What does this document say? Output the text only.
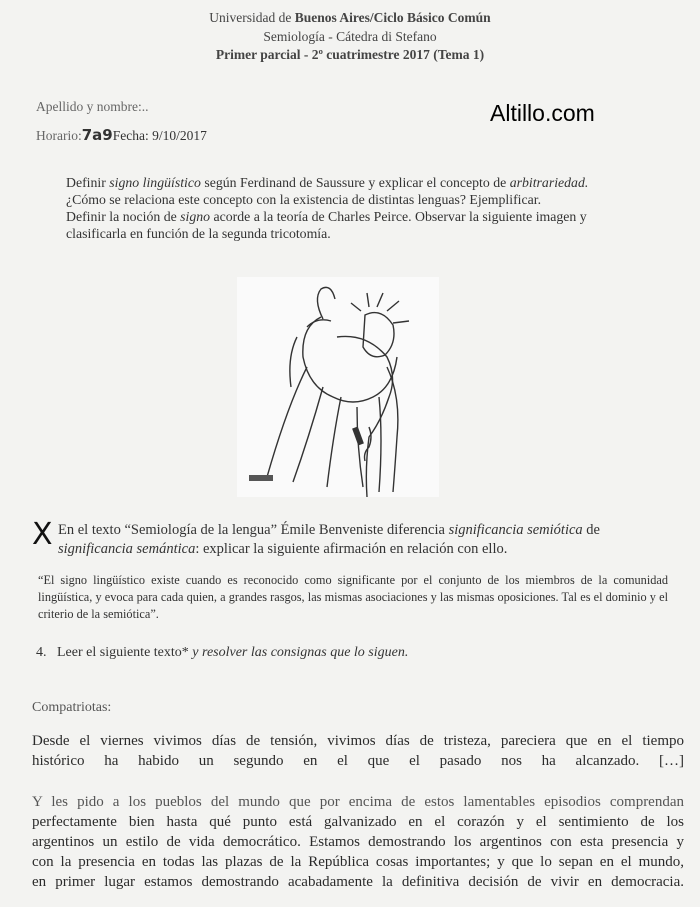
Universidad de Buenos Aires/Ciclo Básico Común
Semiología - Cátedra di Stefano
Primer parcial - 2º cuatrimestre 2017 (Tema 1)
Apellido y nombre:..
Horario:7a9Fecha: 9/10/2017
Altillo.com
Definir signo lingüístico según Ferdinand de Saussure y explicar el concepto de arbitrariedad.
¿Cómo se relaciona este concepto con la existencia de distintas lenguas? Ejemplificar.
Definir la noción de signo acorde a la teoría de Charles Peirce. Observar la siguiente imagen y
clasificarla en función de la segunda tricotomía.
X En el texto “Semiología de la lengua” Émile Benveniste diferencia significancia semiótica de
significancia semántica: explicar la siguiente afirmación en relación con ello.
“El signo lingüístico existe cuando es reconocido como significante por el conjunto de los miembros de la comunidad lingüística, y evoca para cada quien, a grandes rasgos, las mismas asociaciones y las mismas oposiciones. Tal es el dominio y el criterio de la semiótica”.
4. Leer el siguiente texto* y resolver las consignas que lo siguen.
Compatriotas:
Desde el viernes vivimos días de tensión, vivimos días de tristeza, pareciera que en el tiempo
histórico ha habido un segundo en el que el pasado nos ha alcanzado. […]
Y les pido a los pueblos del mundo que por encima de estos lamentables episodios comprendan
perfectamente bien hasta qué punto está galvanizado en el corazón y el sentimiento de los
argentinos un estilo de vida democrático. Estamos demostrando los argentinos con esta presencia y
con la presencia en todas las plazas de la República cosas importantes; y que lo sepan en el mundo,
en primer lugar estamos demostrando acabadamente la definitiva decisión de vivir en democracia.
